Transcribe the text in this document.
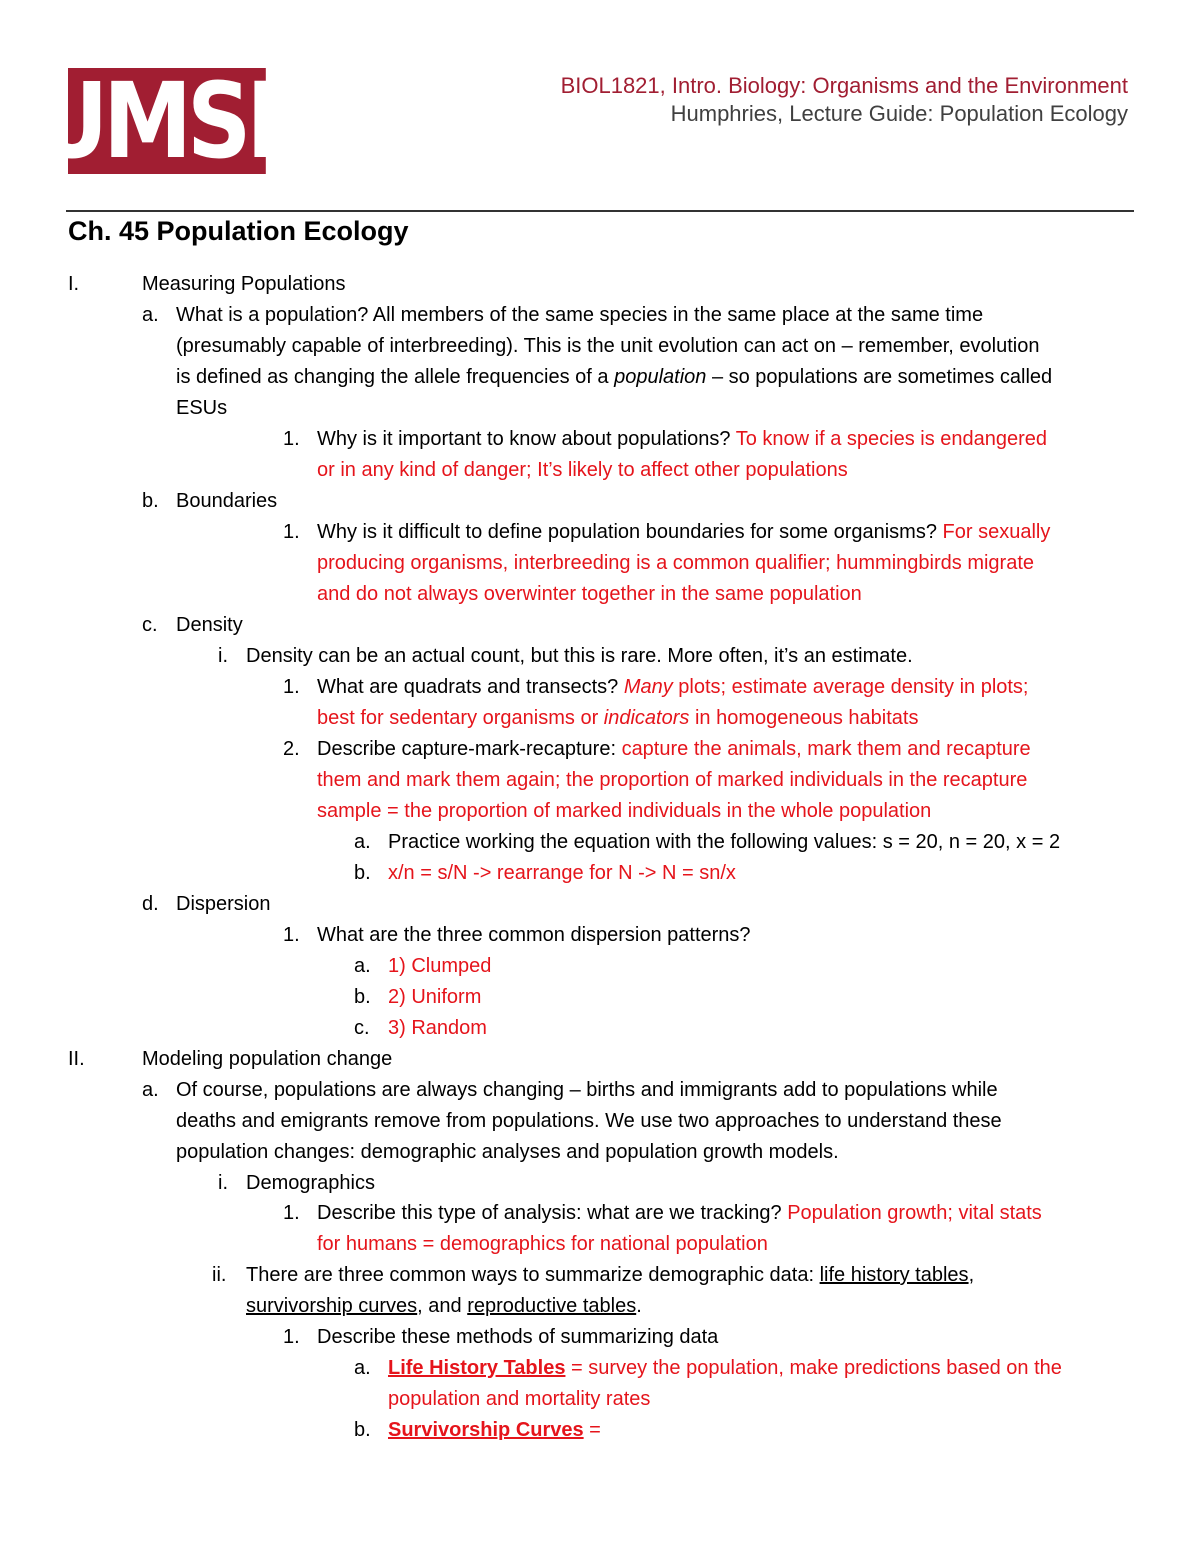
UMSL	BIOL1821, Intro. Biology: Organisms and the Environment
Humphries, Lecture Guide: Population Ecology
Ch. 45 Population Ecology
I.	Measuring Populations
a. What is a population? All members of the same species in the same place at the same time
(presumably capable of interbreeding). This is the unit evolution can act on – remember, evolution
is defined as changing the allele frequencies of a population – so populations are sometimes called
ESUs
1. Why is it important to know about populations? To know if a species is endangered
or in any kind of danger; It’s likely to affect other populations
b. Boundaries
1. Why is it difficult to define population boundaries for some organisms? For sexually
producing organisms, interbreeding is a common qualifier; hummingbirds migrate
and do not always overwinter together in the same population
c. Density
i. Density can be an actual count, but this is rare. More often, it’s an estimate.
1. What are quadrats and transects? Many plots; estimate average density in plots;
best for sedentary organisms or indicators in homogeneous habitats
2. Describe capture-mark-recapture: capture the animals, mark them and recapture
them and mark them again; the proportion of marked individuals in the recapture
sample = the proportion of marked individuals in the whole population
a. Practice working the equation with the following values: s = 20, n = 20, x = 2
b. x/n = s/N -> rearrange for N -> N = sn/x
d. Dispersion
1. What are the three common dispersion patterns?
a. 1) Clumped
b. 2) Uniform
c. 3) Random
II.	Modeling population change
a. Of course, populations are always changing – births and immigrants add to populations while
deaths and emigrants remove from populations. We use two approaches to understand these
population changes: demographic analyses and population growth models.
i. Demographics
1. Describe this type of analysis: what are we tracking? Population growth; vital stats
for humans = demographics for national population
ii. There are three common ways to summarize demographic data: life history tables,
survivorship curves, and reproductive tables.
1. Describe these methods of summarizing data
a. Life History Tables = survey the population, make predictions based on the
population and mortality rates
b. Survivorship Curves =
